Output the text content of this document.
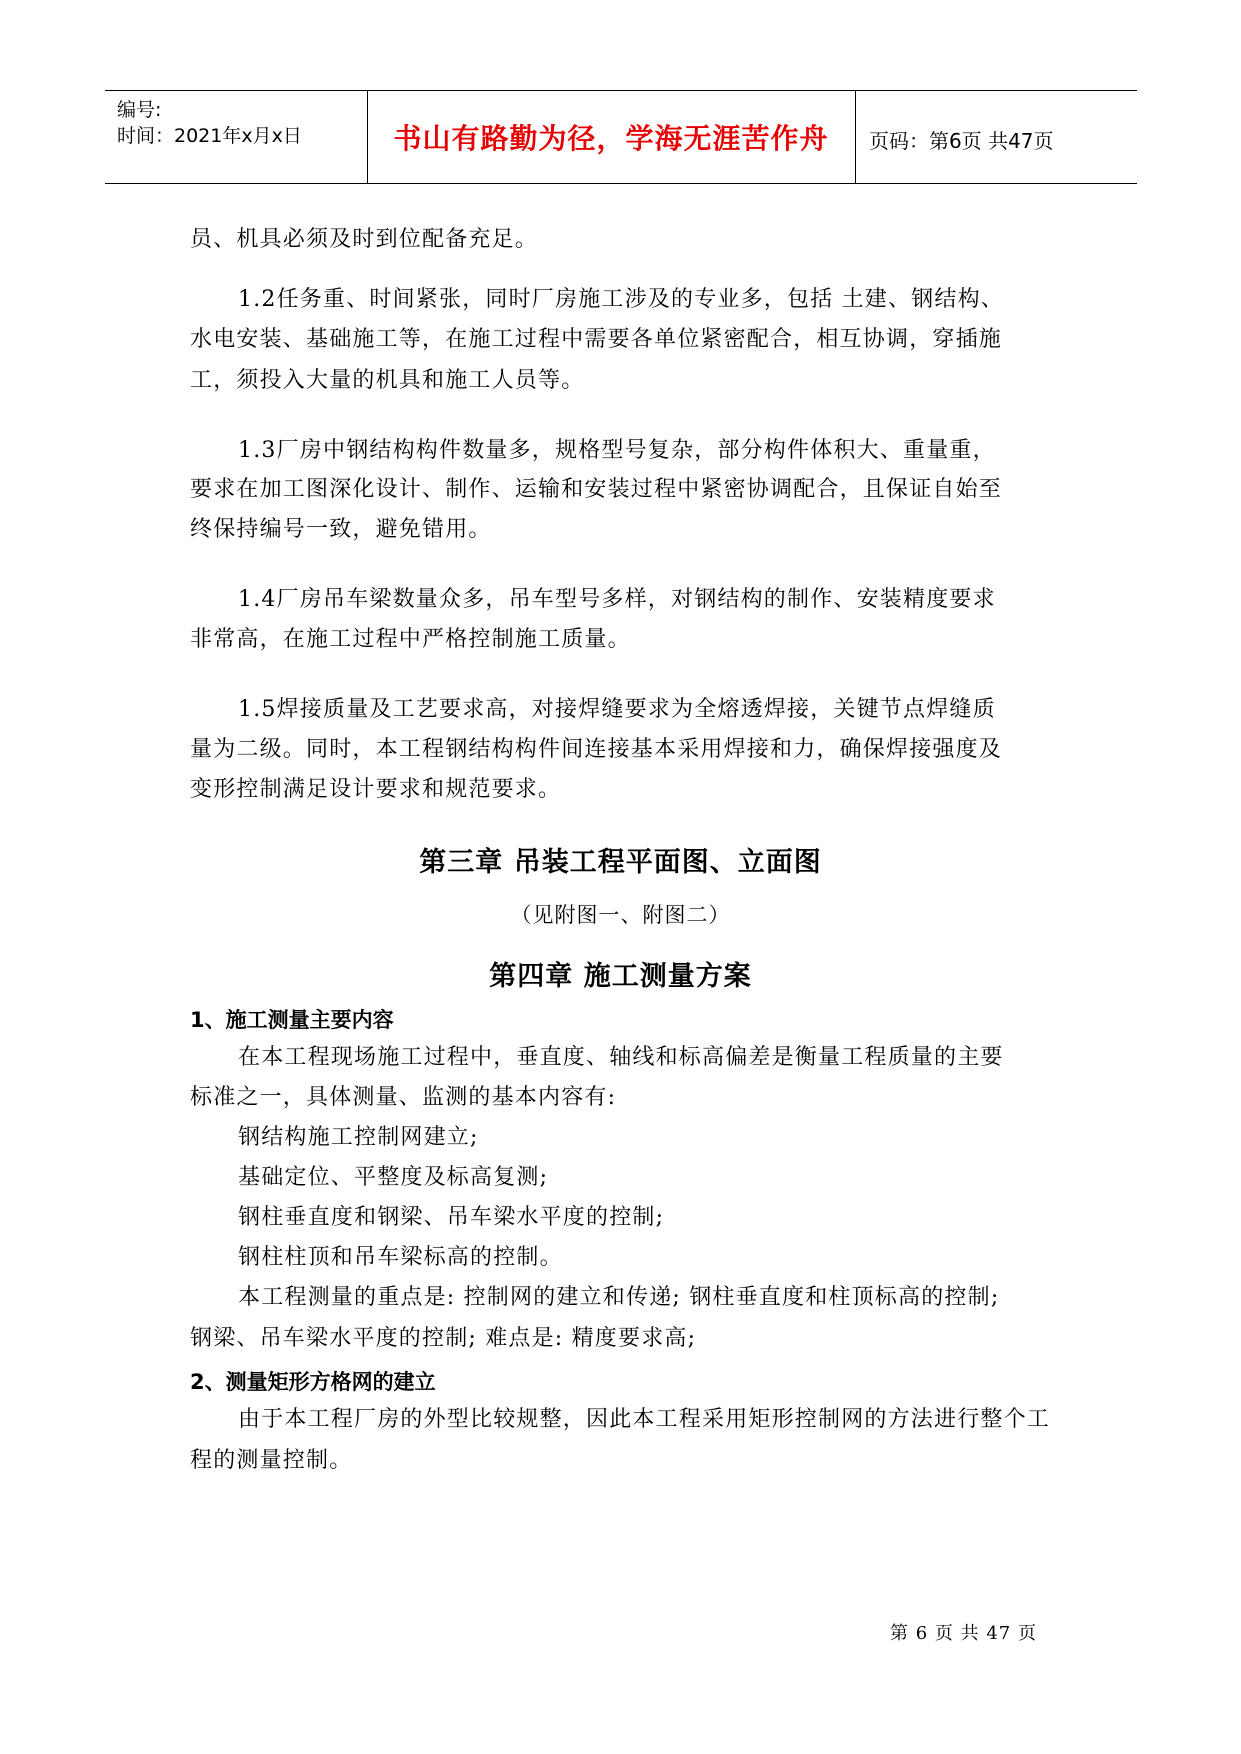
编号:
时间：2021年x月x日	书山有路勤为径，学海无涯苦作舟	页码：第6页 共47页
员、机具必须及时到位配备充足。
1.2任务重、时间紧张，同时厂房施工涉及的专业多，包括 土建、钢结构、
水电安装、基础施工等，在施工过程中需要各单位紧密配合，相互协调，穿插施
工，须投入大量的机具和施工人员等。
1.3厂房中钢结构构件数量多，规格型号复杂，部分构件体积大、重量重，
要求在加工图深化设计、制作、运输和安装过程中紧密协调配合，且保证自始至
终保持编号一致，避免错用。
1.4厂房吊车梁数量众多，吊车型号多样，对钢结构的制作、安装精度要求
非常高，在施工过程中严格控制施工质量。
1.5焊接质量及工艺要求高，对接焊缝要求为全熔透焊接，关键节点焊缝质
量为二级。同时，本工程钢结构构件间连接基本采用焊接和力，确保焊接强度及
变形控制满足设计要求和规范要求。
第三章 吊装工程平面图、立面图
（见附图一、附图二）
第四章 施工测量方案
1、施工测量主要内容
在本工程现场施工过程中，垂直度、轴线和标高偏差是衡量工程质量的主要
标准之一，具体测量、监测的基本内容有:
钢结构施工控制网建立;
基础定位、平整度及标高复测;
钢柱垂直度和钢梁、吊车梁水平度的控制;
钢柱柱顶和吊车梁标高的控制。
本工程测量的重点是: 控制网的建立和传递; 钢柱垂直度和柱顶标高的控制;
钢梁、吊车梁水平度的控制; 难点是: 精度要求高;
2、测量矩形方格网的建立
由于本工程厂房的外型比较规整，因此本工程采用矩形控制网的方法进行整个工
程的测量控制。
第 6 页 共 47 页
